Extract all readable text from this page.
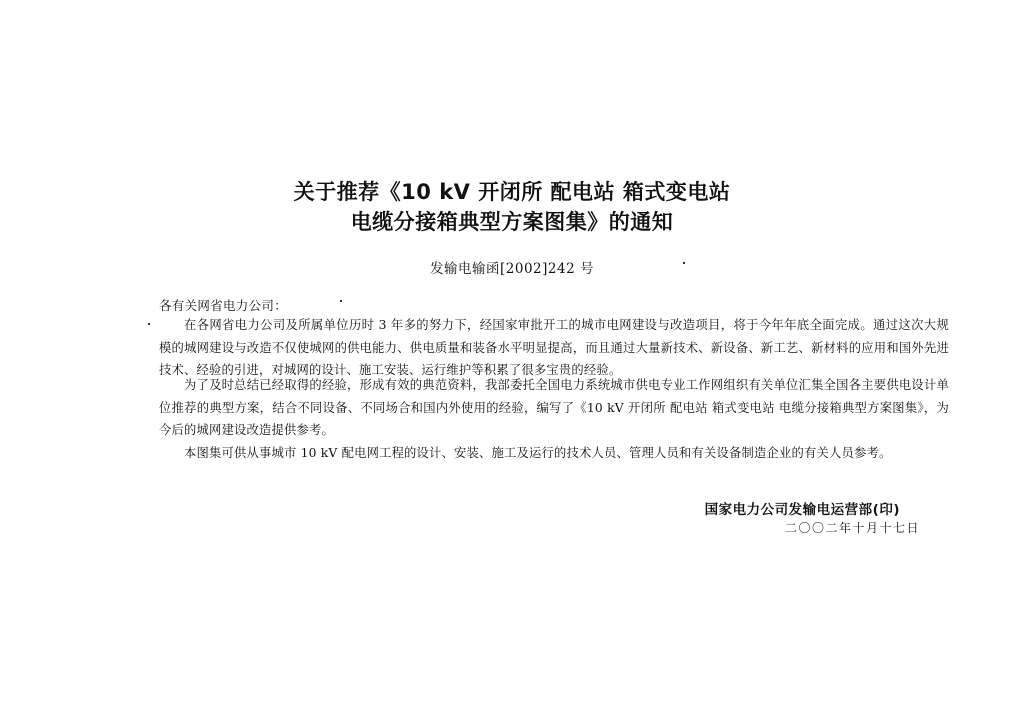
关于推荐《10 kV 开闭所 配电站 箱式变电站
电缆分接箱典型方案图集》的通知
发输电输函[2002]242 号
各有关网省电力公司：
在各网省电力公司及所属单位历时 3 年多的努力下，经国家审批开工的城市电网建设与改造项目，将于今年年底全面完成。通过这次大规模的城网建设与改造不仅使城网的供电能力、供电质量和装备水平明显提高，而且通过大量新技术、新设备、新工艺、新材料的应用和国外先进技术、经验的引进，对城网的设计、施工安装、运行维护等积累了很多宝贵的经验。
为了及时总结已经取得的经验，形成有效的典范资料，我部委托全国电力系统城市供电专业工作网组织有关单位汇集全国各主要供电设计单位推荐的典型方案，结合不同设备、不同场合和国内外使用的经验，编写了《10 kV 开闭所 配电站 箱式变电站 电缆分接箱典型方案图集》，为今后的城网建设改造提供参考。
本图集可供从事城市 10 kV 配电网工程的设计、安装、施工及运行的技术人员、管理人员和有关设备制造企业的有关人员参考。
国家电力公司发输电运营部(印)
二〇〇二年十月十七日
